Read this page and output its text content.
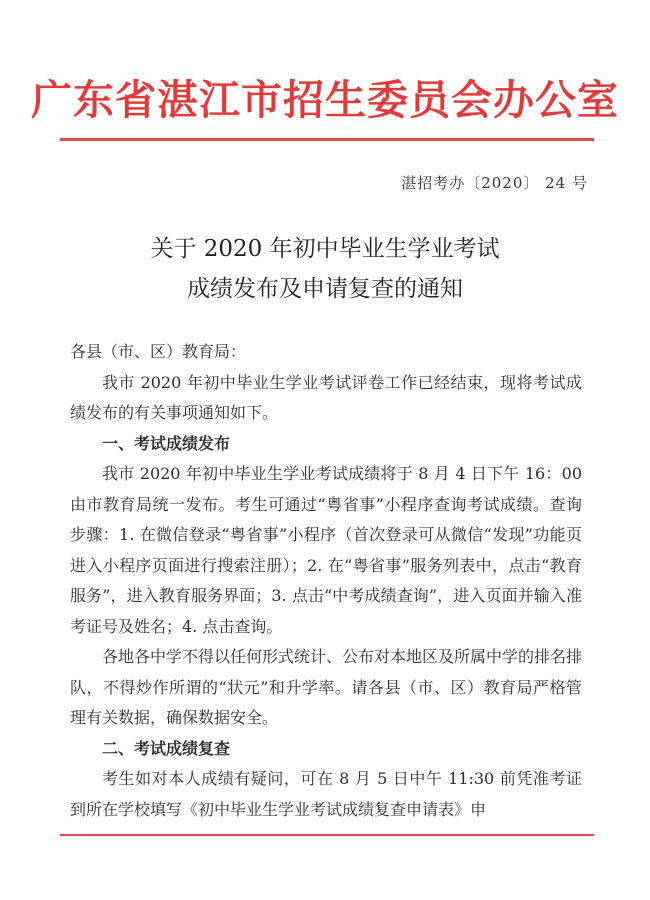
广东省湛江市招生委员会办公室
湛招考办〔2020〕 24 号
关于 2020 年初中毕业生学业考试
成绩发布及申请复查的通知

各县（市、区）教育局：

我市 2020 年初中毕业生学业考试评卷工作已经结束，现将考试成绩发布的有关事项通知如下。

一、考试成绩发布

我市 2020 年初中毕业生学业考试成绩将于 8 月 4 日下午 16：00 由市教育局统一发布。考生可通过“粤省事”小程序查询考试成绩。查询步骤：1. 在微信登录“粤省事”小程序（首次登录可从微信“发现”功能页进入小程序页面进行搜索注册）；2. 在“粤省事”服务列表中，点击“教育服务”，进入教育服务界面；3. 点击“中考成绩查询”，进入页面并输入准考证号及姓名；4. 点击查询。

各地各中学不得以任何形式统计、公布对本地区及所属中学的排名排队，不得炒作所谓的“状元”和升学率。请各县（市、区）教育局严格管理有关数据，确保数据安全。

二、考试成绩复查

考生如对本人成绩有疑问，可在 8 月 5 日中午 11:30 前凭准考证到所在学校填写《初中毕业生学业考试成绩复查申请表》申
